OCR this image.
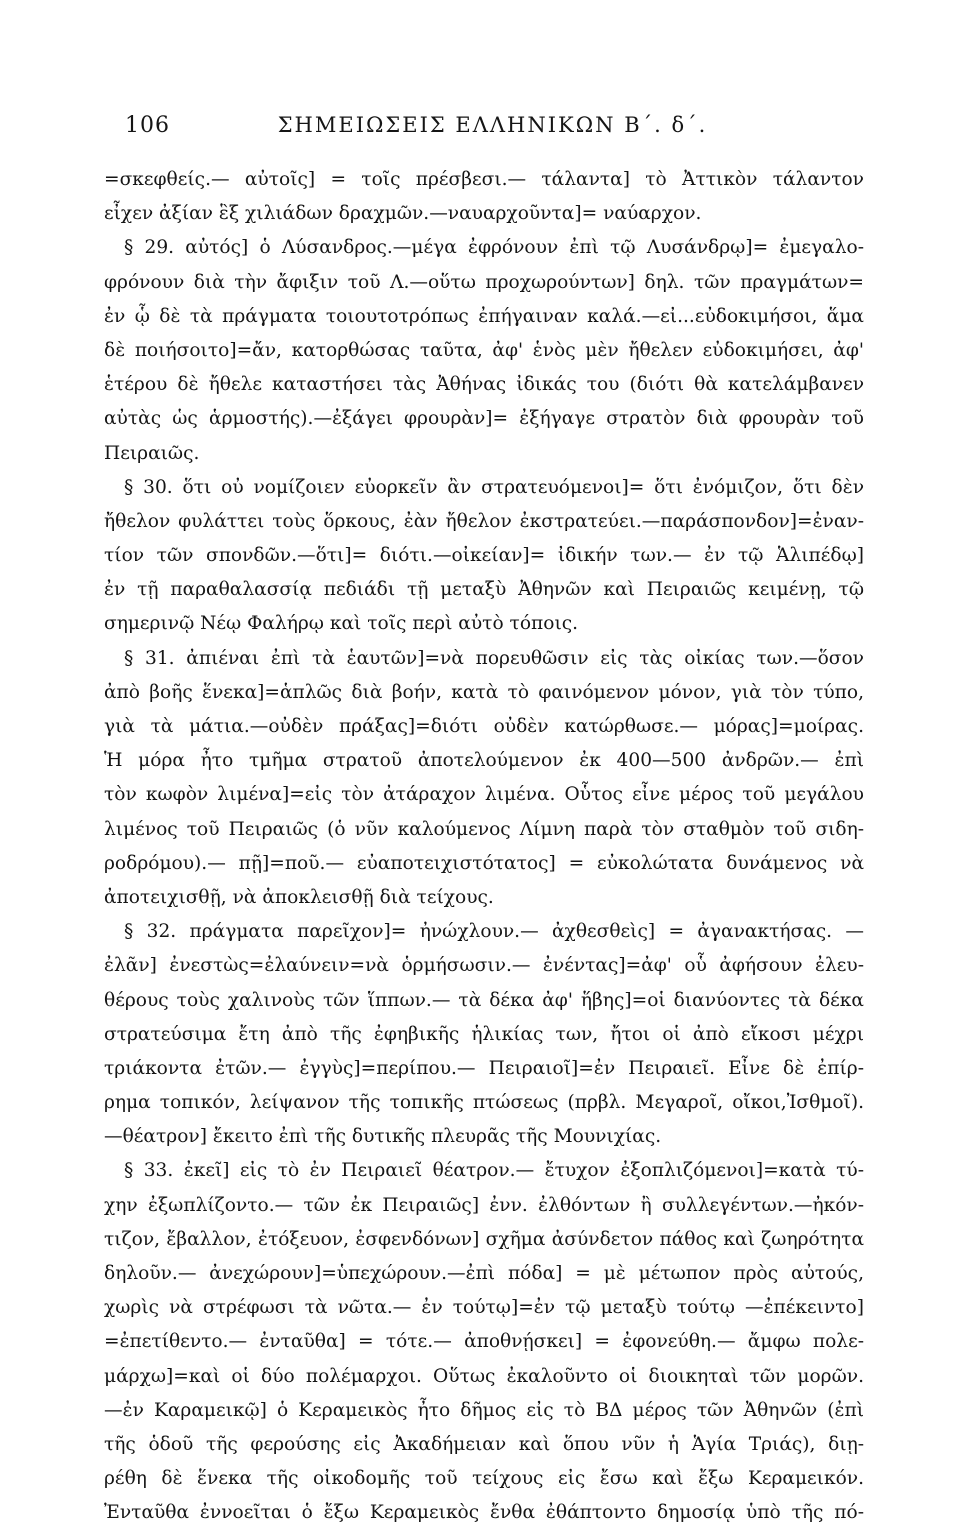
106	ΣΗΜΕΙΩΣΕΙΣ ΕΛΛΗΝΙΚΩΝ Β΄. δ΄.
=σκεφθείς.— αὐτοῖς] = τοῖς πρέσβεσι.— τάλαντα] τὸ Ἀττικὸν τάλαντον
εἶχεν ἀξίαν ἓξ χιλιάδων δραχμῶν.—ναυαρχοῦντα]= ναύαρχον.
§ 29. αὐτός] ὁ Λύσανδρος.—μέγα ἐφρόνουν ἐπὶ τῷ Λυσάνδρῳ]= ἐμεγαλο-
φρόνουν διὰ τὴν ἄφιξιν τοῦ Λ.—οὕτω προχωρούντων] δηλ. τῶν πραγμάτων=
ἐν ᾧ δὲ τὰ πράγματα τοιουτοτρόπως ἐπήγαιναν καλά.—εἰ...εὐδοκιμήσοι, ἅμα
δὲ ποιήσοιτο]=ἄν, κατορθώσας ταῦτα, ἀφ' ἑνὸς μὲν ἤθελεν εὐδοκιμήσει, ἀφ'
ἑτέρου δὲ ἤθελε καταστήσει τὰς Ἀθήνας ἰδικάς του (διότι θὰ κατελάμβανεν
αὐτὰς ὡς ἁρμοστής).—ἐξάγει φρουρὰν]= ἐξήγαγε στρατὸν διὰ φρουρὰν τοῦ
Πειραιῶς.
§ 30. ὅτι οὐ νομίζοιεν εὐορκεῖν ἂν στρατευόμενοι]= ὅτι ἐνόμιζον, ὅτι δὲν
ἤθελον φυλάττει τοὺς ὅρκους, ἐὰν ἤθελον ἐκστρατεύει.—παράσπονδον]=ἐναν-
τίον τῶν σπονδῶν.—ὅτι]= διότι.—οἰκείαν]= ἰδικήν των.— ἐν τῷ Ἁλιπέδῳ]
ἐν τῇ παραθαλασσίᾳ πεδιάδι τῇ μεταξὺ Ἀθηνῶν καὶ Πειραιῶς κειμένῃ, τῷ
σημερινῷ Νέῳ Φαλήρῳ καὶ τοῖς περὶ αὐτὸ τόποις.
§ 31. ἀπιέναι ἐπὶ τὰ ἑαυτῶν]=νὰ πορευθῶσιν εἰς τὰς οἰκίας των.—ὅσον
ἀπὸ βοῆς ἕνεκα]=ἁπλῶς διὰ βοήν, κατὰ τὸ φαινόμενον μόνον, γιὰ τὸν τύπο,
γιὰ τὰ μάτια.—οὐδὲν πράξας]=διότι οὐδὲν κατώρθωσε.— μόρας]=μοίρας.
Ἡ μόρα ἦτο τμῆμα στρατοῦ ἀποτελούμενον ἐκ 400—500 ἀνδρῶν.— ἐπὶ
τὸν κωφὸν λιμένα]=εἰς τὸν ἀτάραχον λιμένα. Οὗτος εἶνε μέρος τοῦ μεγάλου
λιμένος τοῦ Πειραιῶς (ὁ νῦν καλούμενος Λίμνη παρὰ τὸν σταθμὸν τοῦ σιδη-
ροδρόμου).— πῇ]=ποῦ.— εὐαποτειχιστότατος] = εὐκολώτατα δυνάμενος νὰ
ἀποτειχισθῇ, νὰ ἀποκλεισθῇ διὰ τείχους.
§ 32. πράγματα παρεῖχον]= ἠνώχλουν.— ἀχθεσθεὶς] = ἀγανακτήσας. —
ἐλᾶν] ἐνεστὼς=ἐλαύνειν=νὰ ὁρμήσωσιν.— ἐνέντας]=ἀφ' οὗ ἀφήσουν ἐλευ-
θέρους τοὺς χαλινοὺς τῶν ἵππων.— τὰ δέκα ἀφ' ἥβης]=οἱ διανύοντες τὰ δέκα
στρατεύσιμα ἔτη ἀπὸ τῆς ἐφηβικῆς ἡλικίας των, ἤτοι οἱ ἀπὸ εἴκοσι μέχρι
τριάκοντα ἐτῶν.— ἐγγὺς]=περίπου.— Πειραιοῖ]=ἐν Πειραιεῖ. Εἶνε δὲ ἐπίρ-
ρημα τοπικόν, λείψανον τῆς τοπικῆς πτώσεως (πρβλ. Μεγαροῖ, οἴκοι,Ἰσθμοῖ).
—θέατρον] ἔκειτο ἐπὶ τῆς δυτικῆς πλευρᾶς τῆς Μουνιχίας.
§ 33. ἐκεῖ] εἰς τὸ ἐν Πειραιεῖ θέατρον.— ἔτυχον ἐξοπλιζόμενοι]=κατὰ τύ-
χην ἐξωπλίζοντο.— τῶν ἐκ Πειραιῶς] ἐνν. ἐλθόντων ἢ συλλεγέντων.—ἠκόν-
τιζον, ἔβαλλον, ἐτόξευον, ἐσφενδόνων] σχῆμα ἀσύνδετον πάθος καὶ ζωηρότητα
δηλοῦν.— ἀνεχώρουν]=ὑπεχώρουν.—ἐπὶ πόδα] = μὲ μέτωπον πρὸς αὐτούς,
χωρὶς νὰ στρέφωσι τὰ νῶτα.— ἐν τούτῳ]=ἐν τῷ μεταξὺ τούτῳ —ἐπέκειντο]
=ἐπετίθεντο.— ἐνταῦθα] = τότε.— ἀποθνῄσκει] = ἐφονεύθη.— ἄμφω πολε-
μάρχω]=καὶ οἱ δύο πολέμαρχοι. Οὕτως ἐκαλοῦντο οἱ διοικηταὶ τῶν μορῶν.
—ἐν Καραμεικῷ] ὁ Κεραμεικὸς ἦτο δῆμος εἰς τὸ ΒΔ μέρος τῶν Ἀθηνῶν (ἐπὶ
τῆς ὁδοῦ τῆς φερούσης εἰς Ἀκαδήμειαν καὶ ὅπου νῦν ἡ Ἁγία Τριάς), διῃ-
ρέθη δὲ ἕνεκα τῆς οἰκοδομῆς τοῦ τείχους εἰς ἔσω καὶ ἔξω Κεραμεικόν.
Ἐνταῦθα ἐννοεῖται ὁ ἔξω Κεραμεικὸς ἔνθα ἐθάπτοντο δημοσίᾳ ὑπὸ τῆς πό-
